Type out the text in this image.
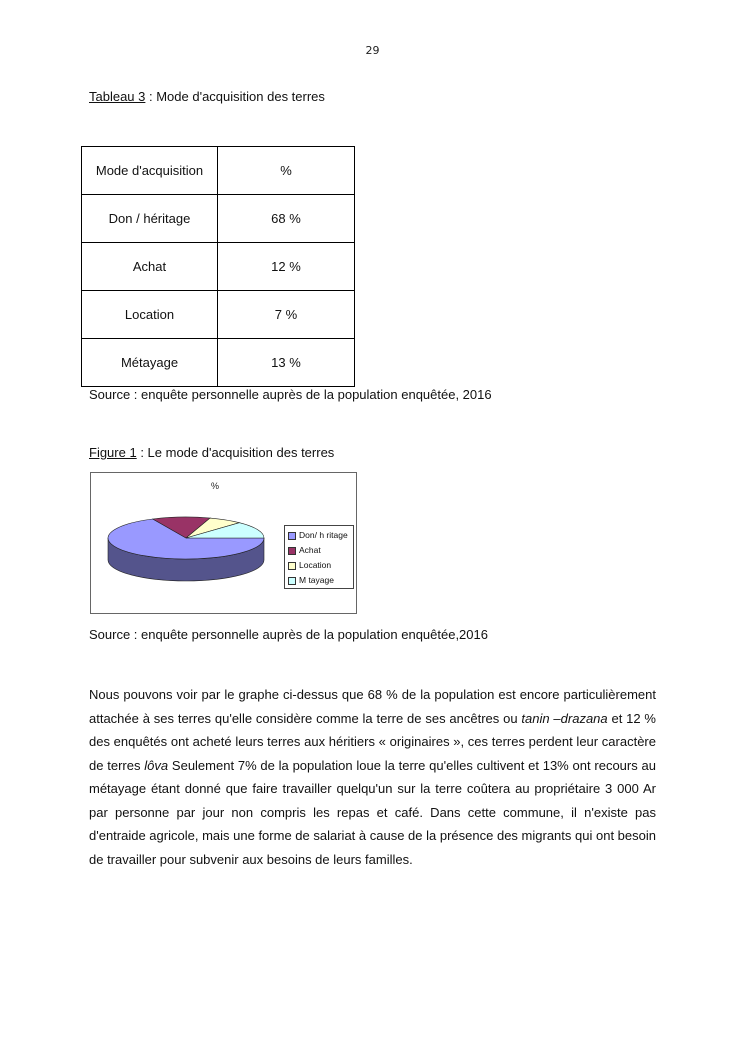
29
Tableau 3 : Mode d'acquisition des terres
Mode d'acquisition	%
Don / héritage	68 %
Achat	12 %
Location	7 %
Métayage	13 %
Source : enquête personnelle auprès de la population enquêtée, 2016
Figure 1 : Le mode d'acquisition des terres
%
Don/ h ritage
Achat
Location
M tayage
Source : enquête personnelle auprès de la population enquêtée,2016

Nous pouvons voir par le graphe ci-dessus que 68 % de la population est encore particulièrement attachée à ses terres qu'elle considère comme la terre de ses ancêtres ou tanin –drazana et 12 % des enquêtés ont acheté leurs terres aux héritiers « originaires », ces terres perdent leur caractère de terres lôva Seulement 7% de la population loue la terre qu'elles cultivent et 13% ont recours au métayage étant donné que faire travailler quelqu'un sur la terre coûtera au propriétaire 3 000 Ar par personne par jour non compris les repas et café. Dans cette commune, il n'existe pas d'entraide agricole, mais une forme de salariat à cause de la présence des migrants qui ont besoin de travailler pour subvenir aux besoins de leurs familles.
